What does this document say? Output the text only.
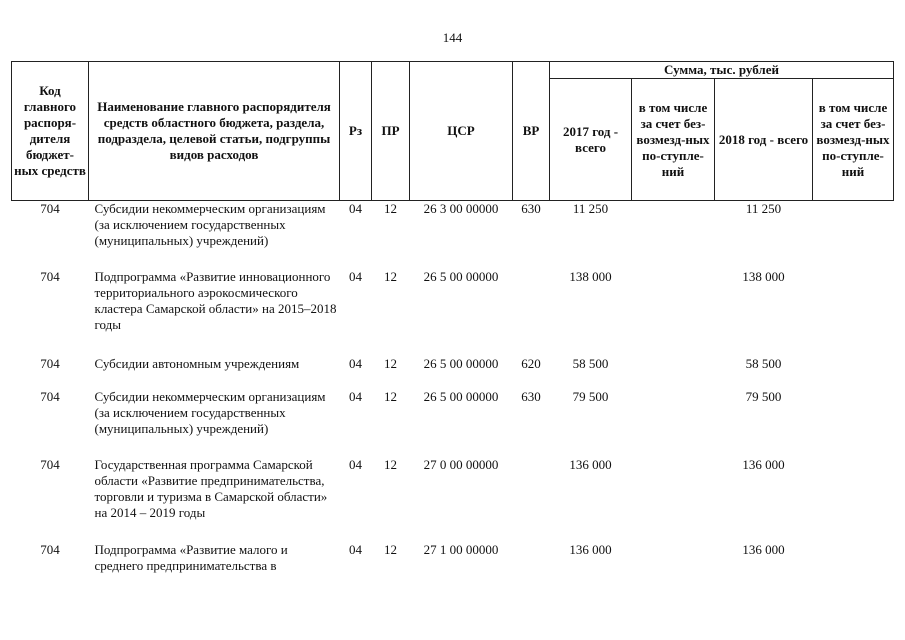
144
Код главного распоря-дителя бюджет-ных средств	Наименование главного распорядителя средств областного бюджета, раздела, подраздела, целевой статьи, подгруппы видов расходов	Рз	ПР	ЦСР	ВР	Сумма, тыс. рублей			
						2017 год - всего	в том числе за счет без-возмезд-ных по-ступле-ний	2018 год - всего	в том числе за счет без-возмезд-ных по-ступле-ний
704	Субсидии некоммерческим организациям (за исключением государственных (муниципальных) учреждений)	04	12	26 3 00 00000	630	11 250		11 250	
704	Подпрограмма «Развитие инновационного территориального аэрокосмического кластера Самарской области» на 2015–2018 годы	04	12	26 5 00 00000		138 000		138 000	
704	Субсидии автономным учреждениям	04	12	26 5 00 00000	620	58 500		58 500	
704	Субсидии некоммерческим организациям (за исключением государственных (муниципальных) учреждений)	04	12	26 5 00 00000	630	79 500		79 500	
704	Государственная программа Самарской области «Развитие предпринимательства, торговли и туризма в Самарской области» на 2014 – 2019 годы	04	12	27 0 00 00000		136 000		136 000	
704	Подпрограмма «Развитие малого и среднего предпринимательства в	04	12	27 1 00 00000		136 000		136 000	
